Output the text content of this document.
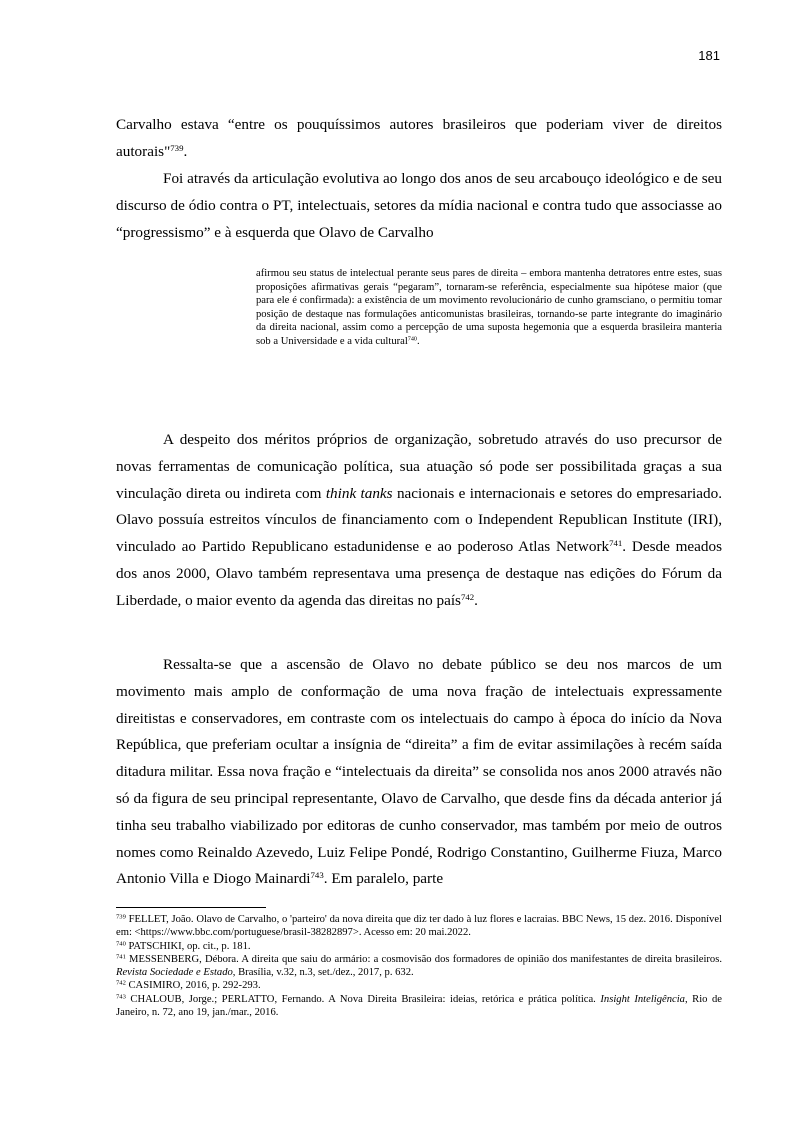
181

Carvalho estava “entre os pouquíssimos autores brasileiros que poderiam viver de direitos autorais"$^{739}$.

Foi através da articulação evolutiva ao longo dos anos de seu arcabouço ideológico e de seu discurso de ódio contra o PT, intelectuais, setores da mídia nacional e contra tudo que associasse ao “progressismo” e à esquerda que Olavo de Carvalho

afirmou seu status de intelectual perante seus pares de direita – embora mantenha detratores entre estes, suas proposições afirmativas gerais “pegaram”, tornaram-se referência, especialmente sua hipótese maior (que para ele é confirmada): a existência de um movimento revolucionário de cunho gramsciano, o permitiu tomar posição de destaque nas formulações anticomunistas brasileiras, tornando-se parte integrante do imaginário da direita nacional, assim como a percepção de uma suposta hegemonia que a esquerda brasileira manteria sob a Universidade e a vida cultural$^{740}$.

A despeito dos méritos próprios de organização, sobretudo através do uso precursor de novas ferramentas de comunicação política, sua atuação só pode ser possibilitada graças a sua vinculação direta ou indireta com think tanks nacionais e internacionais e setores do empresariado. Olavo possuía estreitos vínculos de financiamento com o Independent Republican Institute (IRI), vinculado ao Partido Republicano estadunidense e ao poderoso Atlas Network$^{741}$. Desde meados dos anos 2000, Olavo também representava uma presença de destaque nas edições do Fórum da Liberdade, o maior evento da agenda das direitas no país$^{742}$.

Ressalta-se que a ascensão de Olavo no debate público se deu nos marcos de um movimento mais amplo de conformação de uma nova fração de intelectuais expressamente direitistas e conservadores, em contraste com os intelectuais do campo à época do início da Nova República, que preferiam ocultar a insígnia de “direita” a fim de evitar assimilações à recém saída ditadura militar. Essa nova fração e “intelectuais da direita” se consolida nos anos 2000 através não só da figura de seu principal representante, Olavo de Carvalho, que desde fins da década anterior já tinha seu trabalho viabilizado por editoras de cunho conservador, mas também por meio de outros nomes como Reinaldo Azevedo, Luiz Felipe Pondé, Rodrigo Constantino, Guilherme Fiuza, Marco Antonio Villa e Diogo Mainardi$^{743}$. Em paralelo, parte

$^{739}$ FELLET, João. Olavo de Carvalho, o 'parteiro' da nova direita que diz ter dado à luz flores e lacraias. BBC News, 15 dez. 2016. Disponível em: <https://www.bbc.com/portuguese/brasil-38282897>. Acesso em: 20 mai.2022.

$^{740}$ PATSCHIKI, op. cit., p. 181.

$^{741}$ MESSENBERG, Débora. A direita que saiu do armário: a cosmovisão dos formadores de opinião dos manifestantes de direita brasileiros. Revista Sociedade e Estado, Brasília, v.32, n.3, set./dez., 2017, p. 632.

$^{742}$ CASIMIRO, 2016, p. 292-293.

$^{743}$ CHALOUB, Jorge.; PERLATTO, Fernando. A Nova Direita Brasileira: ideias, retórica e prática política. Insight Inteligência, Rio de Janeiro, n. 72, ano 19, jan./mar., 2016.
